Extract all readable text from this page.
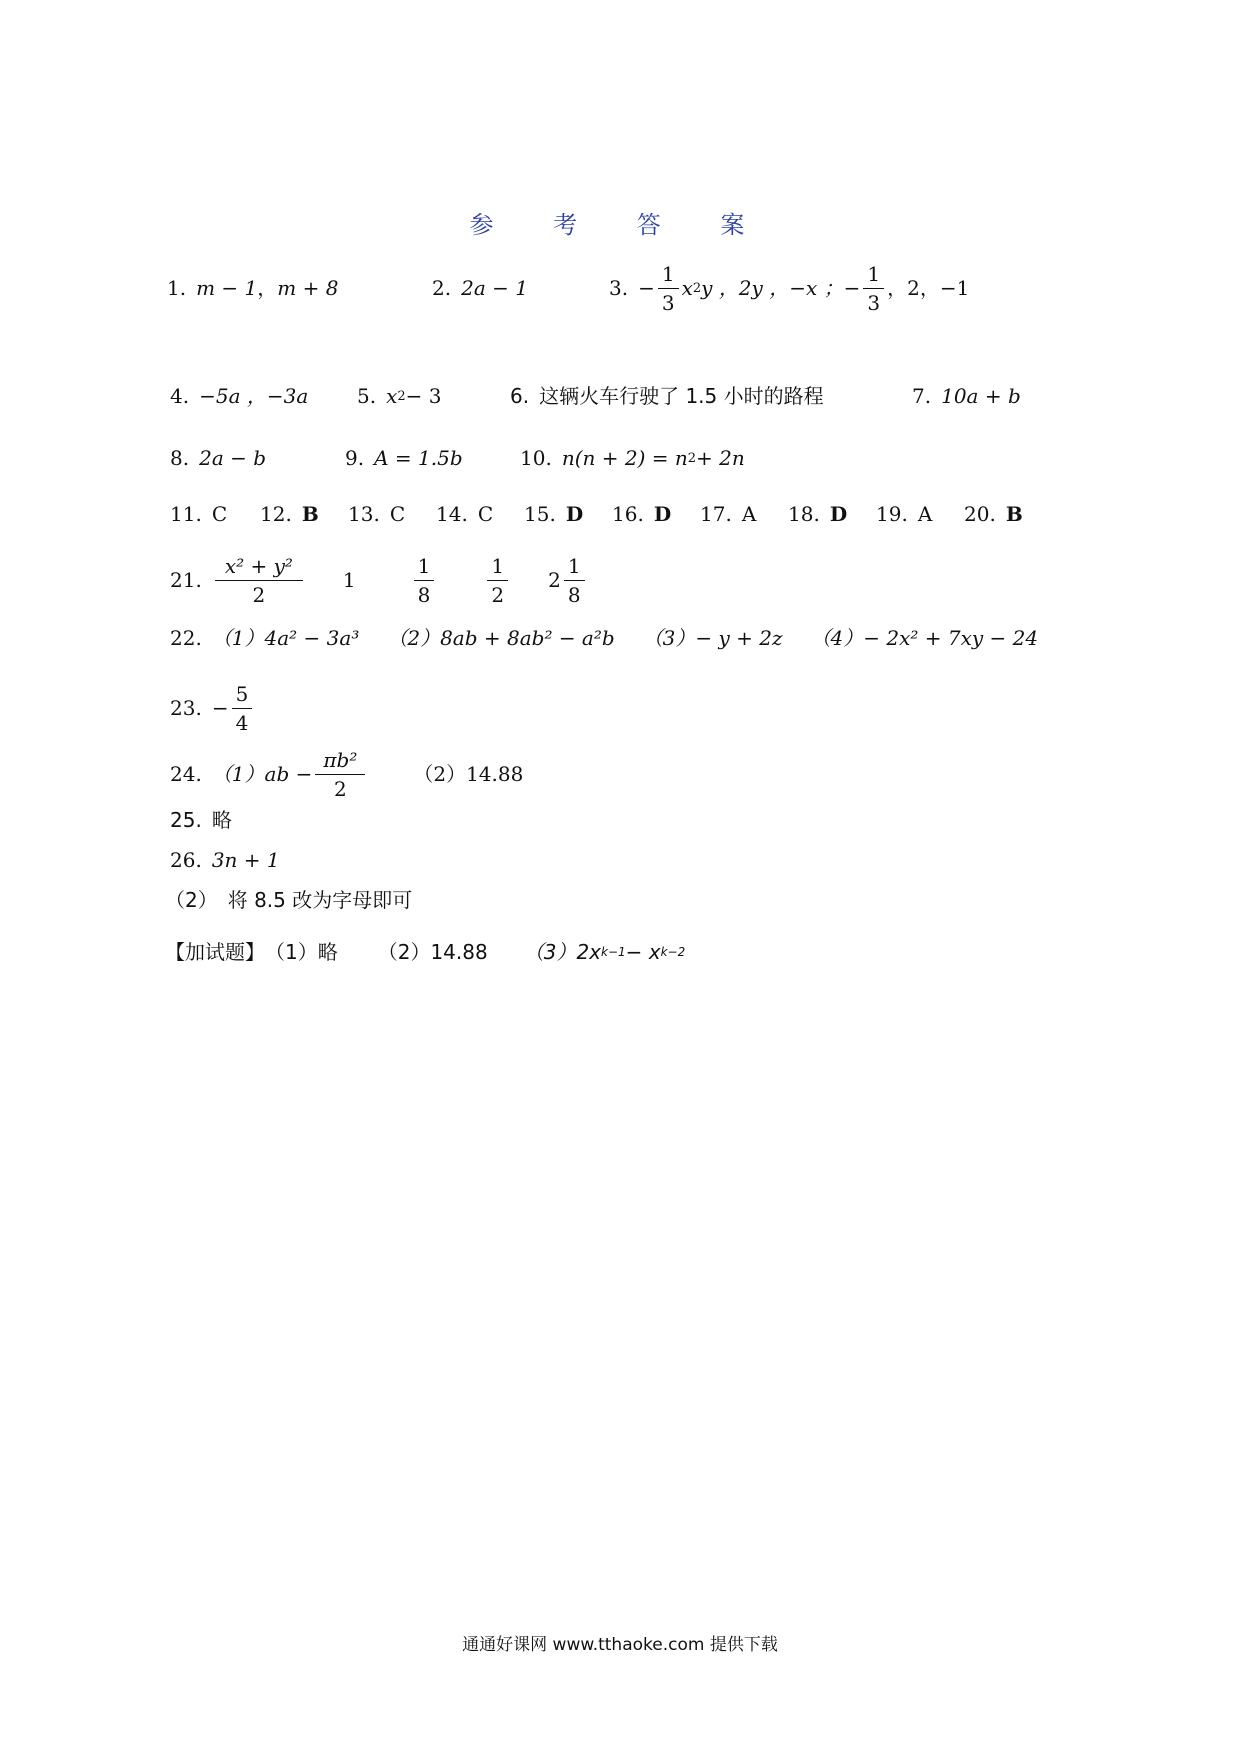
参 考 答 案
1. m − 1 ， m + 8	2. 2a − 1	3. − $\frac{1}{3}$ x 2 y ，2y ，−x ； − $\frac{1}{3}$ ，2，−1
4. −5a ，−3a 5. x 2 − 3	6. 这辆火车行驶了 1.5 小时的路程	7. 10a + b
8. 2a − b	9. A = 1.5b	10. n(n + 2) = n 2 + 2n
11. C 12. B 13. C 14. C 15. D 16. D 17. A 18. D 19. A 20. B
21. $\frac{\text{x² + y²}}{2} 1$	$\frac{1}{8}$	$\frac{1}{2} 2 \frac{1}{8}$
22. （1）4a² − 3a³ （2）8ab + 8ab² − a²b （3）− y + 2z （4）− 2x² + 7xy − 24
23. − $\frac{5}{4}$
24. $(1)ab - \frac{\text{πb²}}{2} (2)14.88$
25. 略
26. 3n + 1
（2）　将 8.5 改为字母即可
【加试题】 （1）略 （2）14.88 （3）2x k−1 − x k−2
通通好课网 www.tthaoke.com 提供下载
